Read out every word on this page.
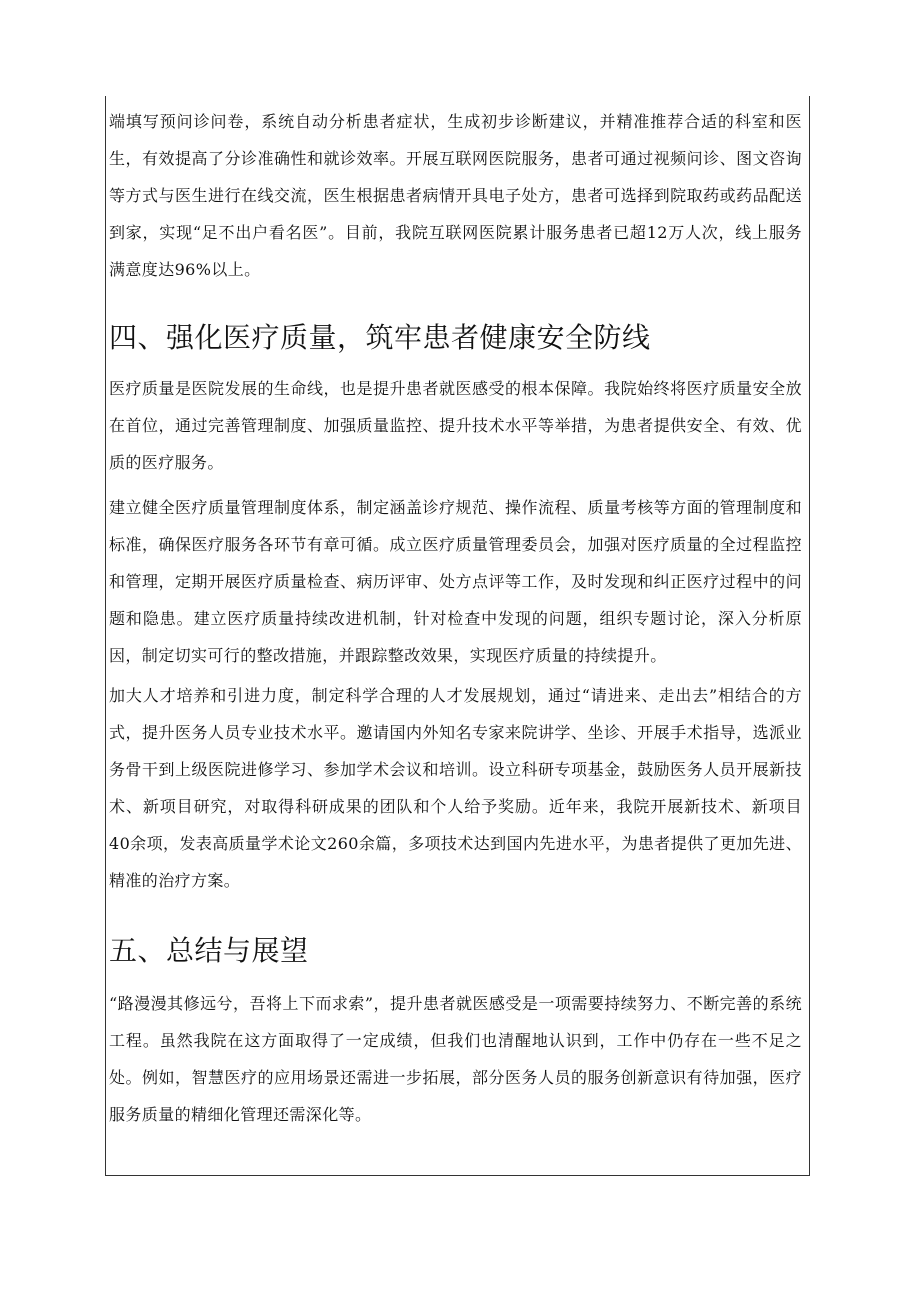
端填写预问诊问卷，系统自动分析患者症状，生成初步诊断建议，并精准推荐合适的科室和医生，有效提高了分诊准确性和就诊效率。开展互联网医院服务，患者可通过视频问诊、图文咨询等方式与医生进行在线交流，医生根据患者病情开具电子处方，患者可选择到院取药或药品配送到家，实现“足不出户看名医”。目前，我院互联网医院累计服务患者已超12万人次，线上服务满意度达96%以上。

四、强化医疗质量，筑牢患者健康安全防线

医疗质量是医院发展的生命线，也是提升患者就医感受的根本保障。我院始终将医疗质量安全放在首位，通过完善管理制度、加强质量监控、提升技术水平等举措，为患者提供安全、有效、优质的医疗服务。

建立健全医疗质量管理制度体系，制定涵盖诊疗规范、操作流程、质量考核等方面的管理制度和标准，确保医疗服务各环节有章可循。成立医疗质量管理委员会，加强对医疗质量的全过程监控和管理，定期开展医疗质量检查、病历评审、处方点评等工作，及时发现和纠正医疗过程中的问题和隐患。建立医疗质量持续改进机制，针对检查中发现的问题，组织专题讨论，深入分析原因，制定切实可行的整改措施，并跟踪整改效果，实现医疗质量的持续提升。

加大人才培养和引进力度，制定科学合理的人才发展规划，通过“请进来、走出去”相结合的方式，提升医务人员专业技术水平。邀请国内外知名专家来院讲学、坐诊、开展手术指导，选派业务骨干到上级医院进修学习、参加学术会议和培训。设立科研专项基金，鼓励医务人员开展新技术、新项目研究，对取得科研成果的团队和个人给予奖励。近年来，我院开展新技术、新项目40余项，发表高质量学术论文260余篇，多项技术达到国内先进水平，为患者提供了更加先进、精准的治疗方案。

五、总结与展望

“路漫漫其修远兮，吾将上下而求索”，提升患者就医感受是一项需要持续努力、不断完善的系统工程。虽然我院在这方面取得了一定成绩，但我们也清醒地认识到，工作中仍存在一些不足之处。例如，智慧医疗的应用场景还需进一步拓展，部分医务人员的服务创新意识有待加强，医疗服务质量的精细化管理还需深化等。
